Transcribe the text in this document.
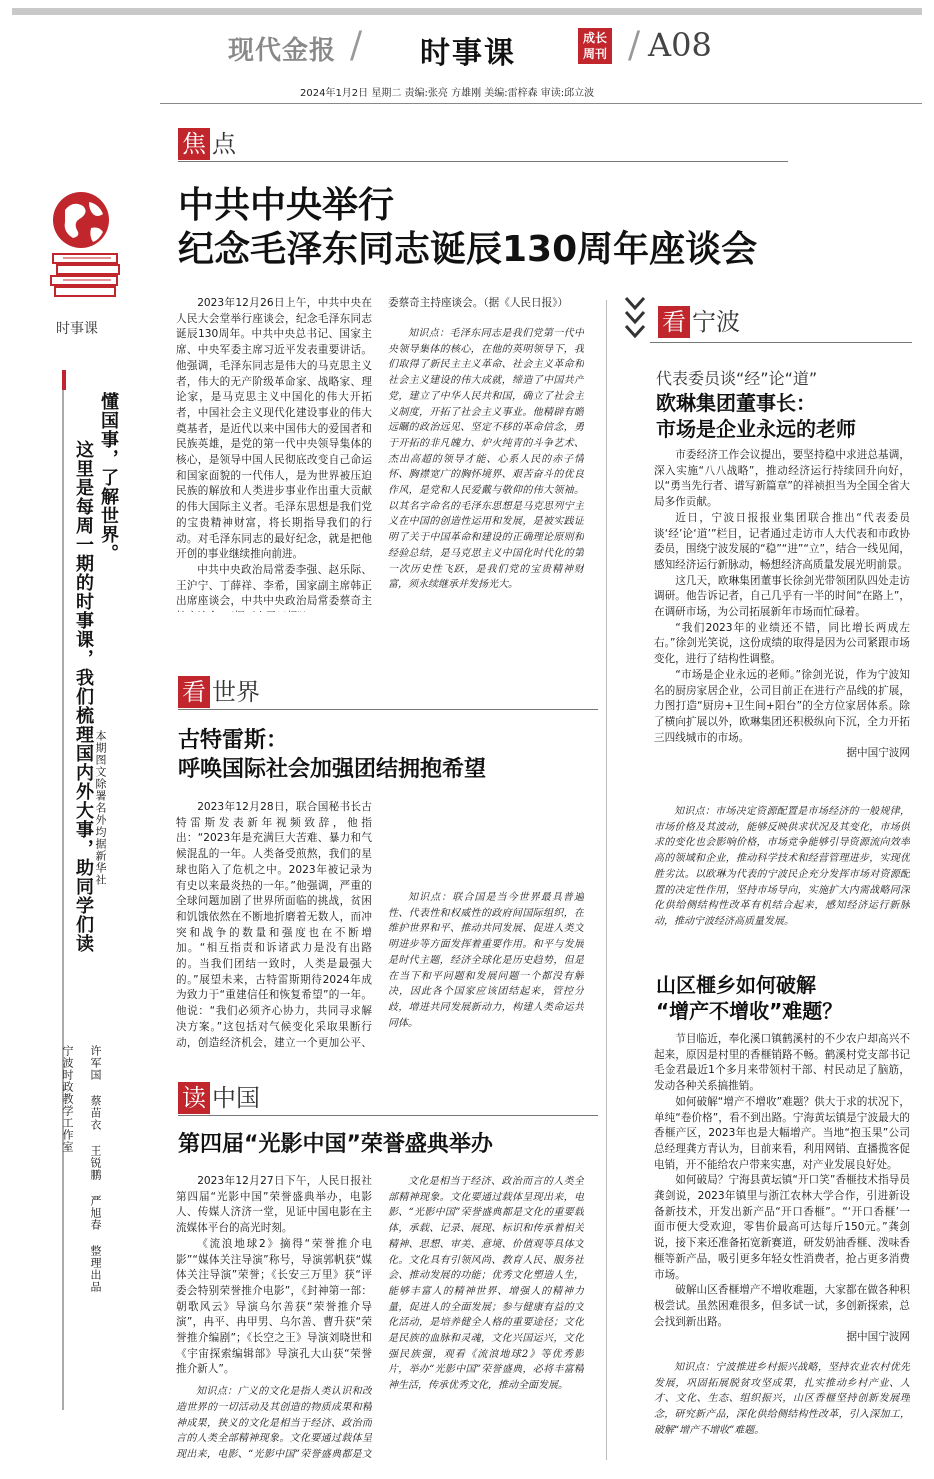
现代金报 / 时事课	成长
周刊 / A08
2024年1月2日 星期二 责编:张亮 方雄刚 美编:雷梓森 审读:邱立波
时事课
懂国事，了解世界。
这里是每周一期的时事课，我们梳理国内外大事，助同学们读 本期图文除署名外均据新华社
许军国 蔡苗衣 王锐鹏 严旭春 整理出品
宁波时政教学工作室
焦 点
中共中央举行
纪念毛泽东同志诞辰130周年座谈会

2023年12月26日上午，中共中央在人民大会堂举行座谈会，纪念毛泽东同志诞辰130周年。中共中央总书记、国家主席、中央军委主席习近平发表重要讲话。他强调，毛泽东同志是伟大的马克思主义者，伟大的无产阶级革命家、战略家、理论家，是马克思主义中国化的伟大开拓者，中国社会主义现代化建设事业的伟大奠基者，是近代以来中国伟大的爱国者和民族英雄，是党的第一代中央领导集体的核心，是领导中国人民彻底改变自己命运和国家面貌的一代伟人，是为世界被压迫民族的解放和人类进步事业作出重大贡献的伟大国际主义者。毛泽东思想是我们党的宝贵精神财富，将长期指导我们的行动。对毛泽东同志的最好纪念，就是把他开创的事业继续推向前进。

中共中央政治局常委李强、赵乐际、王沪宁、丁薛祥、李希，国家副主席韩正出席座谈会，中共中央政治局常委蔡奇主

委蔡奇主持座谈会。（据《人民日报》）

知识点：毛泽东同志是我们党第一代中央领导集体的核心，在他的英明领导下，我们取得了新民主主义革命、社会主义革命和社会主义建设的伟大成就，缔造了中国共产党，建立了中华人民共和国，确立了社会主义制度，开拓了社会主义事业。他精辟有瞻远瞩的政治远见、坚定不移的革命信念，勇于开拓的非凡魄力、炉火纯青的斗争艺术、杰出高超的领导才能、心系人民的赤子情怀、胸襟宽广的胸怀境界、艰苦奋斗的优良作风，是党和人民爱戴与敬仰的伟大领袖。以其名字命名的毛泽东思想是马克思列宁主义在中国的创造性运用和发展，是被实践证明了关于中国革命和建设的正确理论原则和经验总结，是马克思主义中国化时代化的第一次历史性飞跃，是我们党的宝贵精神财富，须永续继承并发扬光大。

看 世界
古特雷斯：
呼唤国际社会加强团结拥抱希望

2023年12月28日，联合国秘书长古特雷斯发表新年视频致辞，他指出：“2023年是充满巨大苦难、暴力和气候混乱的一年。人类备受煎熬，我们的星球也陷入了危机之中。2023年被记录为有史以来最炎热的一年。”他强调，严重的全球问题加剧了世界所面临的挑战，贫困和饥饿依然在不断地折磨着无数人，而冲突和战争的数量和强度也在不断增加。“相互指责和诉诸武力是没有出路的。当我们团结一致时，人类是最强大的。”展望未来，古特雷斯期待2024年成为致力于“重建信任和恢复希望”的一年。他说：“我们必须齐心协力，共同寻求解决方案。”这包括对气候变化采取果断行动，创造经济机会，建立一个更加公平、

知识点：联合国是当今世界最具普遍性、代表性和权威性的政府间国际组织，在维护世界和平、推动共同发展、促进人类文明进步等方面发挥着重要作用。和平与发展是时代主题，经济全球化是历史趋势，但是在当下和平问题和发展问题一个都没有解决，因此各个国家应该团结起来，管控分歧，增进共同发展新动力，构建人类命运共同体。

读 中国
第四届“光影中国”荣誉盛典举办

2023年12月27日下午，人民日报社第四届“光影中国”荣誉盛典举办，电影人、传媒人济济一堂，见证中国电影在主流媒体平台的高光时刻。

《流浪地球2》摘得“荣誉推介电影”“媒体关注导演”称号，导演郭帆获“媒体关注导演”荣誉；《长安三万里》获“评委会特别荣誉推介电影”，《封神第一部：朝歌风云》导演乌尔善获“荣誉推介导演”，冉平、冉甲男、乌尔善、曹升获“荣誉推介编剧”；《长空之王》导演刘晓世和《宇宙探索编辑部》导演孔大山获“荣誉推介新人”。

知识点：广义的文化是指人类认识和改造世界的一切活动及其创造的物质成果和精神成果，狭义的文化是相当于经济、政治而言的人类全部精神现象。文化要通过载体呈现出来，电影、“光影中国”荣誉盛典都是文

文化是相当于经济、政治而言的人类全部精神现象。文化要通过载体呈现出来，电影、“光影中国”荣誉盛典都是文化的重要载体，承载、记录、展现、标识和传承着相关精神、思想、审美、意境、价值观等具体文化。文化具有引领风尚、教育人民、服务社会、推动发展的功能；优秀文化塑造人生，能够丰富人的精神世界、增强人的精神力量，促进人的全面发展；参与健康有益的文化活动，是培养健全人格的重要途径；文化是民族的血脉和灵魂，文化兴国运兴，文化强民族强，观看《流浪地球2》等优秀影片，举办“光影中国”荣誉盛典，必将丰富精神生活，传承优秀文化，推动全面发展。

看 宁波
代表委员谈“经”论“道”
欧琳集团董事长：
市场是企业永远的老师

市委经济工作会议提出，要坚持稳中求进总基调，深入实施“八八战略”，推动经济运行持续回升向好，以“勇当先行者、谱写新篇章”的祥祯担当为全国全省大局多作贡献。

近日，宁波日报报业集团联合推出“代表委员谈‘经’论‘道’”栏目，记者通过走访市人大代表和市政协委员，围绕宁波发展的“稳”“进”“立”，结合一线见闻，感知经济运行新脉动，畅想经济高质量发展光明前景。

这几天，欧琳集团董事长徐剑光带领团队四处走访调研。他告诉记者，自己几乎有一半的时间“在路上”，在调研市场，为公司拓展新年市场而忙碌着。

“我们2023年的业绩还不错，同比增长两成左右。”徐剑光笑说，这份成绩的取得是因为公司紧跟市场变化，进行了结构性调整。

“市场是企业永远的老师。”徐剑光说，作为宁波知名的厨房家居企业，公司目前正在进行产品线的扩展，力图打造“厨房+卫生间+阳台”的全方位家居体系。除了横向扩展以外，欧琳集团还积极纵向下沉，全力开拓三四线城市的市场。

据中国宁波网

知识点：市场决定资源配置是市场经济的一般规律，市场价格及其波动，能够反映供求状况及其变化，市场供求的变化也会影响价格，市场竞争能够引导资源流向效率高的领域和企业，推动科学技术和经营管理进步，实现优胜劣汰。以欧琳为代表的宁波民企充分发挥市场对资源配置的决定性作用，坚持市场导向，实施扩大内需战略同深化供给侧结构性改革有机结合起来，感知经济运行新脉动，推动宁波经济高质量发展。

山区榧乡如何破解
“增产不增收”难题？

节目临近，奉化溪口镇鹤溪村的不少农户却高兴不起来，原因是村里的香榧销路不畅。鹤溪村党支部书记毛金君最近1个多月来带领村干部、村民动足了脑筋，发动各种关系搞推销。

如何破解“增产不增收”难题？供大于求的状况下，单纯“卷价格”，看不到出路。宁海黄坛镇是宁波最大的香榧产区，2023年也是大幅增产。当地“抱玉果”公司总经理龚方青认为，目前来看，利用网销、直播揽客促电销，开不能给农户带来实惠，对产业发展良好处。

如何破局？宁海县黄坛镇“开口笑”香榧技术指导员龚剑说，2023年镇里与浙江农林大学合作，引进新设备新技术，开发出新产品“开口香榧”。“‘开口香榧’一面市便大受欢迎，零售价最高可达每斤150元。”龚剑说，接下来还准备拓宽新赛道，研发奶油香榧、泼味香榧等新产品，吸引更多年轻女性消费者，抢占更多消费市场。

破解山区香榧增产不增收难题，大家都在做各种积极尝试。虽然困难很多，但多试一试，多创新探索，总会找到新出路。

据中国宁波网

知识点：宁波推进乡村振兴战略，坚持农业农村优先发展，巩固拓展脱贫攻坚成果，扎实推动乡村产业、人才、文化、生态、组织振兴，山区香榧坚持创新发展理念，研究新产品，深化供给侧结构性改革，引入深加工，破解“增产不增收”难题。
